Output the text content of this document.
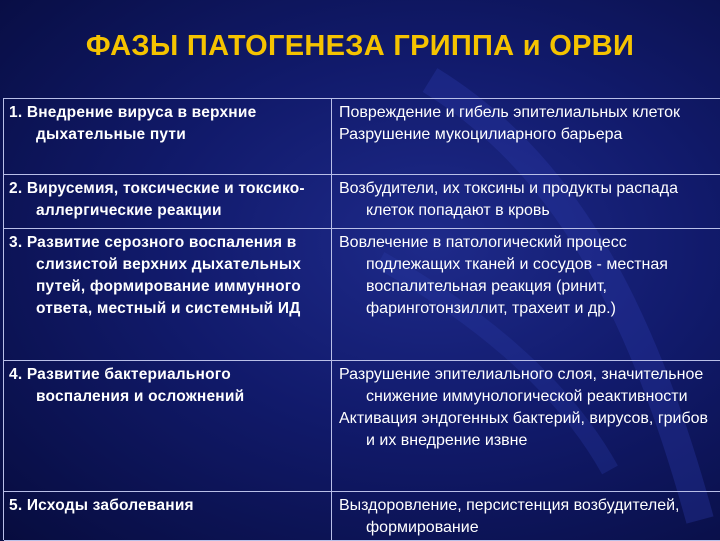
ФАЗЫ ПАТОГЕНЕЗА ГРИППА и ОРВИ
1. Внедрение вируса в верхние дыхательные пути
Повреждение и гибель эпителиальных клеток
Разрушение мукоцилиарного барьера
2. Вирусемия, токсические и токсико-аллергические реакции
Возбудители, их токсины и продукты распада клеток попадают в кровь
3. Развитие серозного воспаления в слизистой верхних дыхательных путей, формирование иммунного ответа, местный и системный ИД
Вовлечение в патологический процесс подлежащих тканей и сосудов - местная воспалительная реакция (ринит, фаринготонзиллит, трахеит и др.)
4. Развитие бактериального воспаления и осложнений
Разрушение эпителиального слоя, значительное снижение иммунологической реактивности
Активация эндогенных бактерий, вирусов, грибов и их внедрение извне
5. Исходы заболевания	Выздоровление, персистенция возбудителей, формирование
